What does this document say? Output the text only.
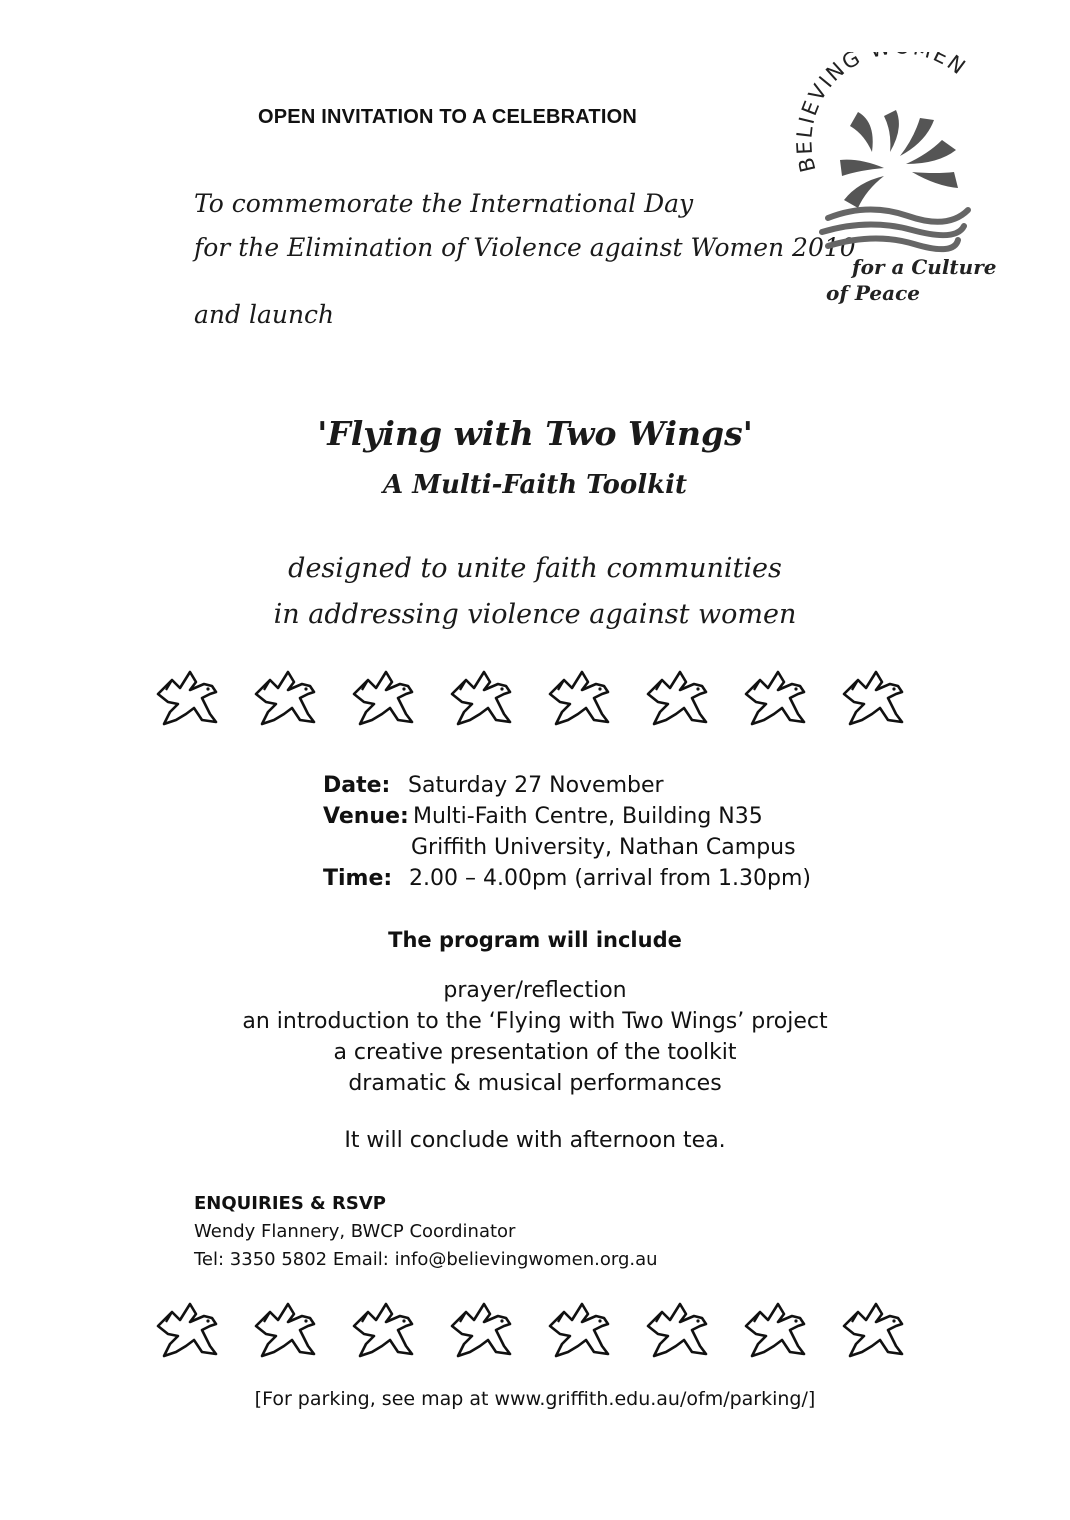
OPEN INVITATION TO A CELEBRATION
To commemorate the International Day
for the Elimination of Violence against Women 2010
and launch
BELIEVING EN
for a Culture
of Peace
'Flying with Two Wings'
A Multi-Faith Toolkit
designed to unite faith communities
in addressing violence against women
Date: Saturday 27 November
Venue: Multi-Faith Centre, Building N35
Griffith University, Nathan Campus
Time: 2.00 – 4.00pm (arrival from 1.30pm)
The program will include
prayer/reflection
an introduction to the ‘Flying with Two Wings’ project
a creative presentation of the toolkit
dramatic & musical performances
It will conclude with afternoon tea.
ENQUIRIES & RSVP
Wendy Flannery, BWCP Coordinator
Tel: 3350 5802 Email: info@believingwomen.org.au
[For parking, see map at www.griffith.edu.au/ofm/parking/]
